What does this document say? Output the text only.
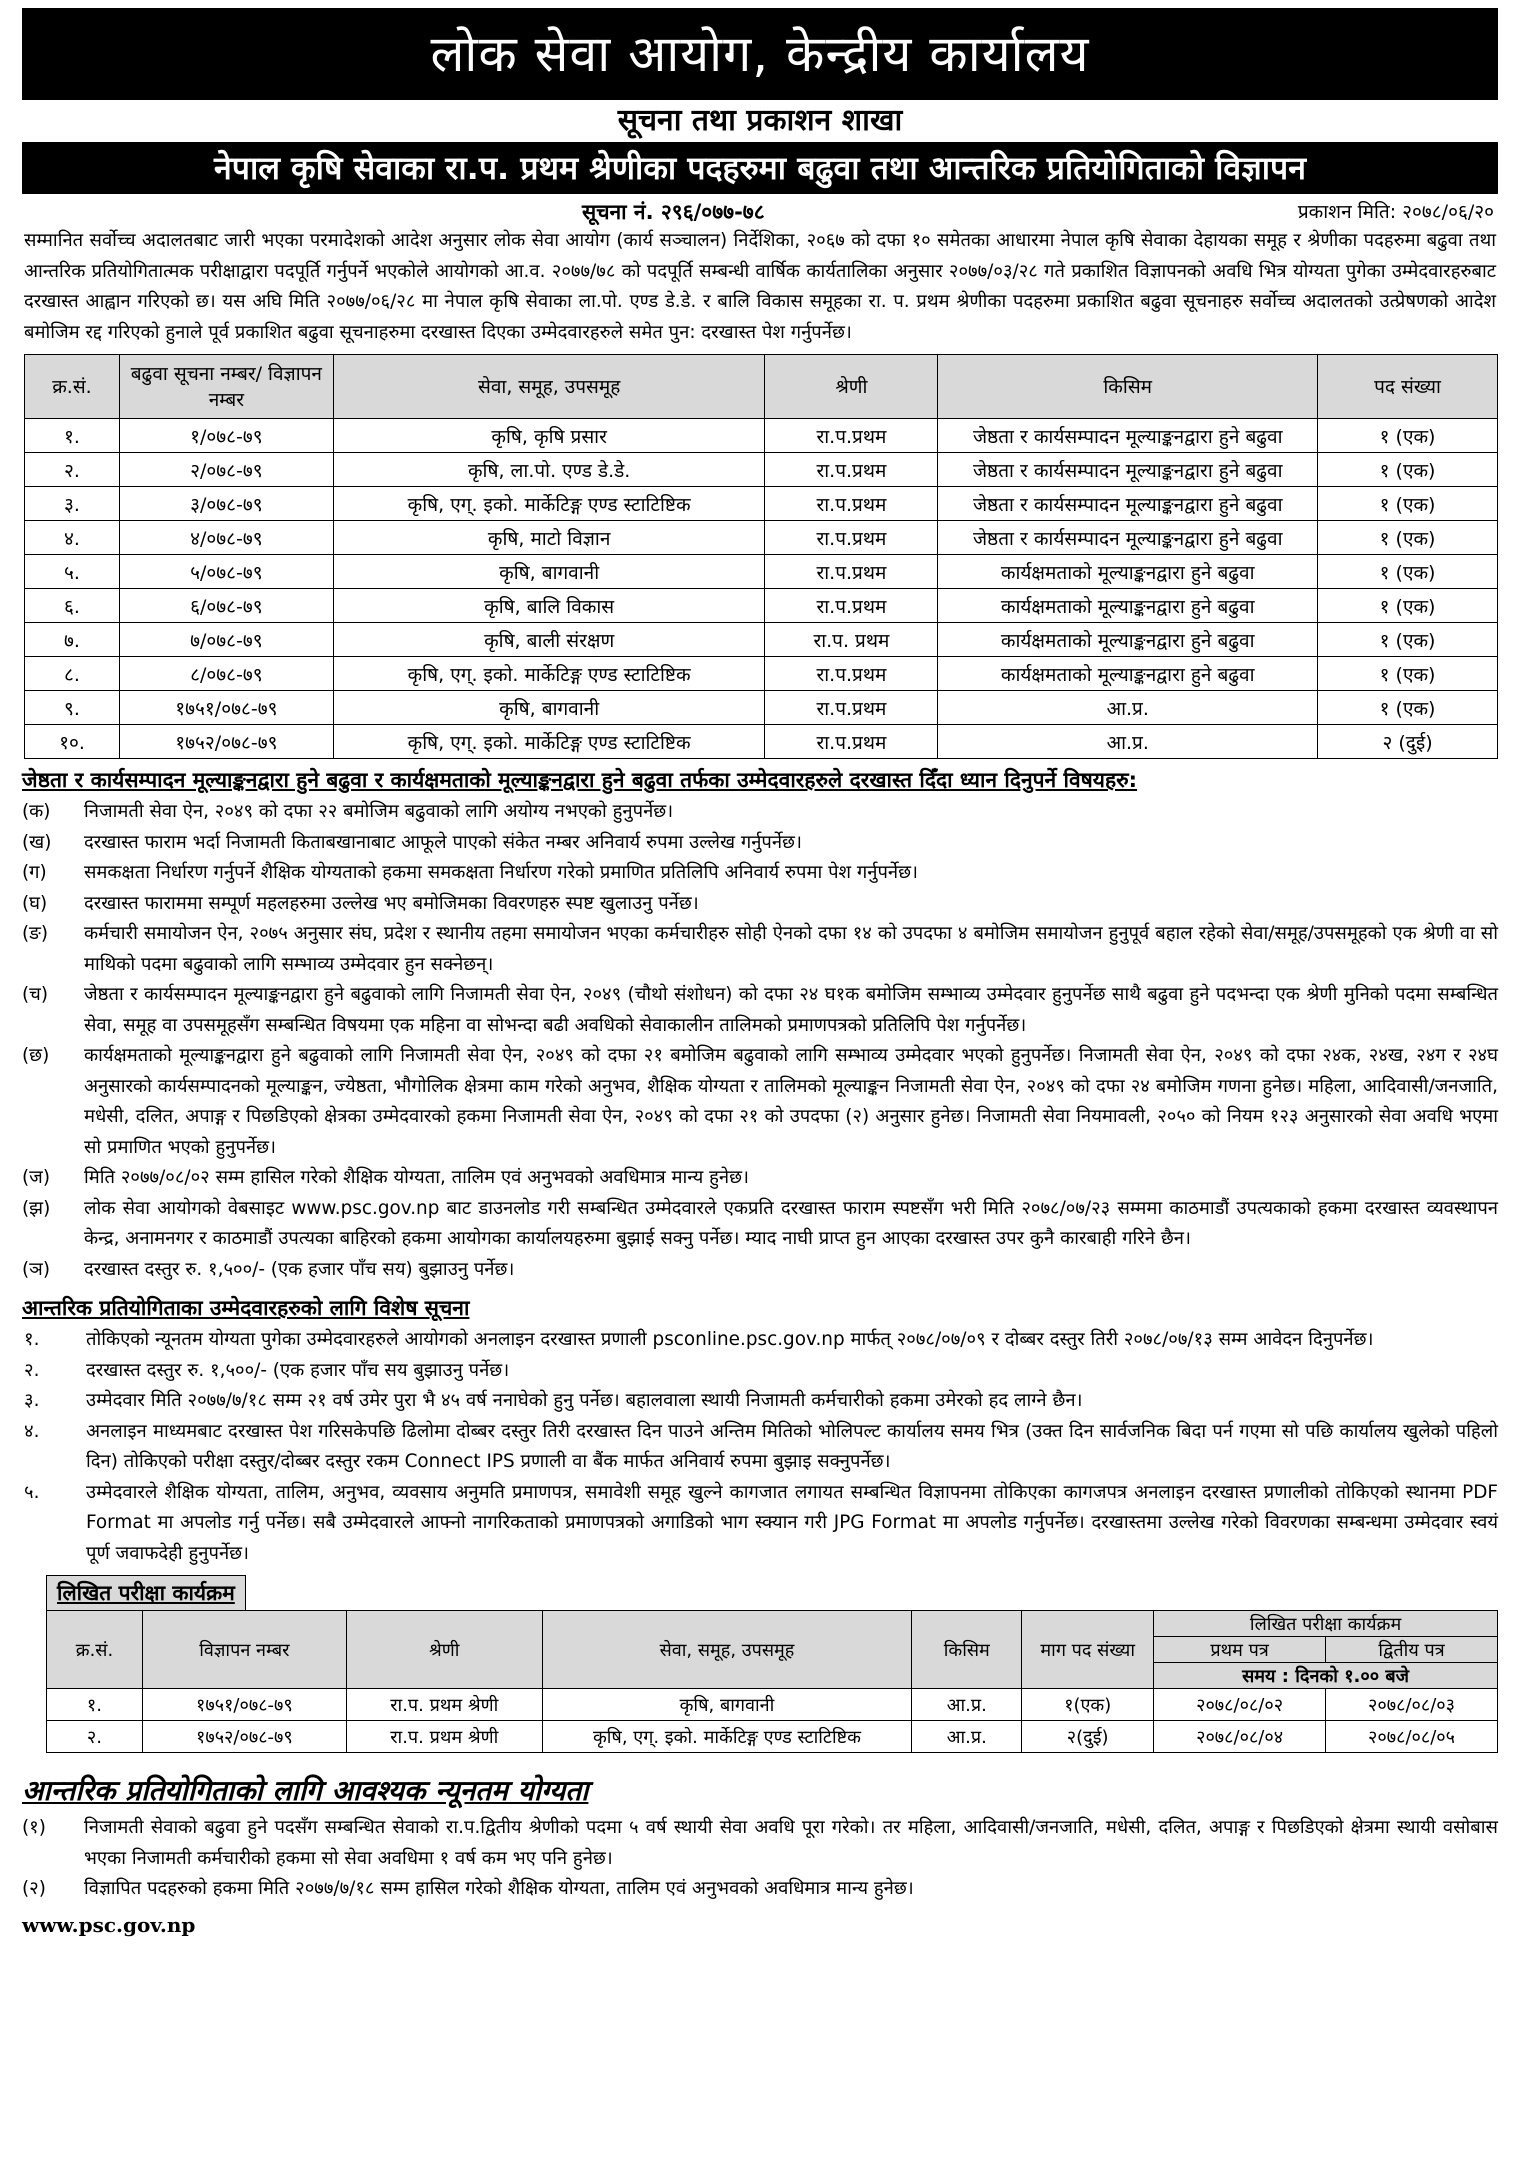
लोक सेवा आयोग, केन्द्रीय कार्यालय
सूचना तथा प्रकाशन शाखा
नेपाल कृषि सेवाका रा.प. प्रथम श्रेणीका पदहरुमा बढुवा तथा आन्तरिक प्रतियोगिताको विज्ञापन
सूचना नं. २९६/०७७-७८	प्रकाशन मिति: २०७८/०६/२०

सम्मानित सर्वोच्च अदालतबाट जारी भएका परमादेशको आदेश अनुसार लोक सेवा आयोग (कार्य सञ्चालन) निर्देशिका, २०६७ को दफा १० समेतका आधारमा नेपाल कृषि सेवाका देहायका समूह र श्रेणीका पदहरुमा बढुवा तथा आन्तरिक प्रतियोगितात्मक परीक्षाद्वारा पदपूर्ति गर्नुपर्ने भएकोले आयोगको आ.व. २०७७/७८ को पदपूर्ति सम्बन्धी वार्षिक कार्यतालिका अनुसार २०७७/०३/२८ गते प्रकाशित विज्ञापनको अवधि भित्र योग्यता पुगेका उम्मेदवारहरुबाट दरखास्त आह्वान गरिएको छ। यस अघि मिति २०७७/०६/२८ मा नेपाल कृषि सेवाका ला.पो. एण्ड डे.डे. र बालि विकास समूहका रा. प. प्रथम श्रेणीका पदहरुमा प्रकाशित बढुवा सूचनाहरु सर्वोच्च अदालतको उत्प्रेषणको आदेश बमोजिम रद्द गरिएको हुनाले पूर्व प्रकाशित बढुवा सूचनाहरुमा दरखास्त दिएका उम्मेदवारहरुले समेत पुन: दरखास्त पेश गर्नुपर्नेछ।

क्र.सं.	बढुवा सूचना नम्बर/ विज्ञापन नम्बर	सेवा, समूह, उपसमूह	श्रेणी	किसिम	पद संख्या
१.	१/०७८-७९	कृषि, कृषि प्रसार	रा.प.प्रथम	जेष्ठता र कार्यसम्पादन मूल्याङ्कनद्वारा हुने बढुवा	१ (एक)
२.	२/०७८-७९	कृषि, ला.पो. एण्ड डे.डे.	रा.प.प्रथम	जेष्ठता र कार्यसम्पादन मूल्याङ्कनद्वारा हुने बढुवा	१ (एक)
३.	३/०७८-७९	कृषि, एग्. इको. मार्केटिङ्ग एण्ड स्टाटिष्टिक	रा.प.प्रथम	जेष्ठता र कार्यसम्पादन मूल्याङ्कनद्वारा हुने बढुवा	१ (एक)
४.	४/०७८-७९	कृषि, माटो विज्ञान	रा.प.प्रथम	जेष्ठता र कार्यसम्पादन मूल्याङ्कनद्वारा हुने बढुवा	१ (एक)
५.	५/०७८-७९	कृषि, बागवानी	रा.प.प्रथम	कार्यक्षमताको मूल्याङ्कनद्वारा हुने बढुवा	१ (एक)
६.	६/०७८-७९	कृषि, बालि विकास	रा.प.प्रथम	कार्यक्षमताको मूल्याङ्कनद्वारा हुने बढुवा	१ (एक)
७.	७/०७८-७९	कृषि, बाली संरक्षण	रा.प. प्रथम	कार्यक्षमताको मूल्याङ्कनद्वारा हुने बढुवा	१ (एक)
८.	८/०७८-७९	कृषि, एग्. इको. मार्केटिङ्ग एण्ड स्टाटिष्टिक	रा.प.प्रथम	कार्यक्षमताको मूल्याङ्कनद्वारा हुने बढुवा	१ (एक)
९.	१७५१/०७८-७९	कृषि, बागवानी	रा.प.प्रथम	आ.प्र.	१ (एक)
१०.	१७५२/०७८-७९	कृषि, एग्. इको. मार्केटिङ्ग एण्ड स्टाटिष्टिक	रा.प.प्रथम	आ.प्र.	२ (दुई)
जेष्ठता र कार्यसम्पादन मूल्याङ्कनद्वारा हुने बढुवा र कार्यक्षमताको मूल्याङ्कनद्वारा हुने बढुवा तर्फका उम्मेदवारहरुले दरखास्त दिँदा ध्यान दिनुपर्ने विषयहरु:
(क)	निजामती सेवा ऐन, २०४९ को दफा २२ बमोजिम बढुवाको लागि अयोग्य नभएको हुनुपर्नेछ।
(ख)	दरखास्त फाराम भर्दा निजामती किताबखानाबाट आफूले पाएको संकेत नम्बर अनिवार्य रुपमा उल्लेख गर्नुपर्नेछ।
(ग)	समकक्षता निर्धारण गर्नुपर्ने शैक्षिक योग्यताको हकमा समकक्षता निर्धारण गरेको प्रमाणित प्रतिलिपि अनिवार्य रुपमा पेश गर्नुपर्नेछ।
(घ)	दरखास्त फाराममा सम्पूर्ण महलहरुमा उल्लेख भए बमोजिमका विवरणहरु स्पष्ट खुलाउनु पर्नेछ।
(ङ)	कर्मचारी समायोजन ऐन, २०७५ अनुसार संघ, प्रदेश र स्थानीय तहमा समायोजन भएका कर्मचारीहरु सोही ऐनको दफा १४ को उपदफा ४ बमोजिम समायोजन हुनुपूर्व बहाल रहेको सेवा/समूह/उपसमूहको एक श्रेणी वा सो माथिको पदमा बढुवाको लागि सम्भाव्य उम्मेदवार हुन सक्नेछन्।
(च)	जेष्ठता र कार्यसम्पादन मूल्याङ्कनद्वारा हुने बढुवाको लागि निजामती सेवा ऐन, २०४९ (चौथो संशोधन) को दफा २४ घ१क बमोजिम सम्भाव्य उम्मेदवार हुनुपर्नेछ साथै बढुवा हुने पदभन्दा एक श्रेणी मुनिको पदमा सम्बन्धित सेवा, समूह वा उपसमूहसँग सम्बन्धित विषयमा एक महिना वा सोभन्दा बढी अवधिको सेवाकालीन तालिमको प्रमाणपत्रको प्रतिलिपि पेश गर्नुपर्नेछ।
(छ)	कार्यक्षमताको मूल्याङ्कनद्वारा हुने बढुवाको लागि निजामती सेवा ऐन, २०४९ को दफा २१ बमोजिम बढुवाको लागि सम्भाव्य उम्मेदवार भएको हुनुपर्नेछ। निजामती सेवा ऐन, २०४९ को दफा २४क, २४ख, २४ग र २४घ अनुसारको कार्यसम्पादनको मूल्याङ्कन, ज्येष्ठता, भौगोलिक क्षेत्रमा काम गरेको अनुभव, शैक्षिक योग्यता र तालिमको मूल्याङ्कन निजामती सेवा ऐन, २०४९ को दफा २४ बमोजिम गणना हुनेछ। महिला, आदिवासी/जनजाति, मधेसी, दलित, अपाङ्ग र पिछडिएको क्षेत्रका उम्मेदवारको हकमा निजामती सेवा ऐन, २०४९ को दफा २१ को उपदफा (२) अनुसार हुनेछ। निजामती सेवा नियमावली, २०५० को नियम १२३ अनुसारको सेवा अवधि भएमा सो प्रमाणित भएको हुनुपर्नेछ।
(ज)	मिति २०७७/०८/०२ सम्म हासिल गरेको शैक्षिक योग्यता, तालिम एवं अनुभवको अवधिमात्र मान्य हुनेछ।
(झ)	लोक सेवा आयोगको वेबसाइट www.psc.gov.np बाट डाउनलोड गरी सम्बन्धित उम्मेदवारले एकप्रति दरखास्त फाराम स्पष्टसँग भरी मिति २०७८/०७/२३ सम्ममा काठमाडौं उपत्यकाको हकमा दरखास्त व्यवस्थापन केन्द्र, अनामनगर र काठमाडौं उपत्यका बाहिरको हकमा आयोगका कार्यालयहरुमा बुझाई सक्नु पर्नेछ। म्याद नाघी प्राप्त हुन आएका दरखास्त उपर कुनै कारबाही गरिने छैन।
(ञ)	दरखास्त दस्तुर रु. १,५००/- (एक हजार पाँच सय) बुझाउनु पर्नेछ।
आन्तरिक प्रतियोगिताका उम्मेदवारहरुको लागि विशेष सूचना
१.	तोकिएको न्यूनतम योग्यता पुगेका उम्मेदवारहरुले आयोगको अनलाइन दरखास्त प्रणाली psconline.psc.gov.np मार्फत् २०७८/०७/०९ र दोब्बर दस्तुर तिरी २०७८/०७/१३ सम्म आवेदन दिनुपर्नेछ।
२.	दरखास्त दस्तुर रु. १,५००/- (एक हजार पाँच सय बुझाउनु पर्नेछ।
३.	उम्मेदवार मिति २०७७/७/१८ सम्म २१ वर्ष उमेर पुरा भै ४५ वर्ष ननाघेको हुनु पर्नेछ। बहालवाला स्थायी निजामती कर्मचारीको हकमा उमेरको हद लाग्ने छैन।
४.	अनलाइन माध्यमबाट दरखास्त पेश गरिसकेपछि ढिलोमा दोब्बर दस्तुर तिरी दरखास्त दिन पाउने अन्तिम मितिको भोलिपल्ट कार्यालय समय भित्र (उक्त दिन सार्वजनिक बिदा पर्न गएमा सो पछि कार्यालय खुलेको पहिलो दिन) तोकिएको परीक्षा दस्तुर/दोब्बर दस्तुर रकम Connect IPS प्रणाली वा बैंक मार्फत अनिवार्य रुपमा बुझाइ सक्नुपर्नेछ।
५.	उम्मेदवारले शैक्षिक योग्यता, तालिम, अनुभव, व्यवसाय अनुमति प्रमाणपत्र, समावेशी समूह खुल्ने कागजात लगायत सम्बन्धित विज्ञापनमा तोकिएका कागजपत्र अनलाइन दरखास्त प्रणालीको तोकिएको स्थानमा PDF Format मा अपलोड गर्नु पर्नेछ। सबै उम्मेदवारले आफ्नो नागरिकताको प्रमाणपत्रको अगाडिको भाग स्क्यान गरी JPG Format मा अपलोड गर्नुपर्नेछ। दरखास्तमा उल्लेख गरेको विवरणका सम्बन्धमा उम्मेदवार स्वयं पूर्ण जवाफदेही हुनुपर्नेछ।
लिखित परीक्षा कार्यक्रम
क्र.सं.	विज्ञापन नम्बर	श्रेणी	सेवा, समूह, उपसमूह	किसिम	माग पद संख्या	लिखित परीक्षा कार्यक्रम	
						प्रथम पत्र	द्वितीय पत्र
						समय : दिनको १.०० बजे	
१.	१७५१/०७८-७९	रा.प. प्रथम श्रेणी	कृषि, बागवानी	आ.प्र.	१(एक)	२०७८/०८/०२	२०७८/०८/०३
२.	१७५२/०७८-७९	रा.प. प्रथम श्रेणी	कृषि, एग्. इको. मार्केटिङ्ग एण्ड स्टाटिष्टिक	आ.प्र.	२(दुई)	२०७८/०८/०४	२०७८/०८/०५
आन्तरिक प्रतियोगिताको लागि आवश्यक न्यूनतम योग्यता
(१)	निजामती सेवाको बढुवा हुने पदसँग सम्बन्धित सेवाको रा.प.द्वितीय श्रेणीको पदमा ५ वर्ष स्थायी सेवा अवधि पूरा गरेको। तर महिला, आदिवासी/जनजाति, मधेसी, दलित, अपाङ्ग र पिछडिएको क्षेत्रमा स्थायी वसोबास भएका निजामती कर्मचारीको हकमा सो सेवा अवधिमा १ वर्ष कम भए पनि हुनेछ।
(२)	विज्ञापित पदहरुको हकमा मिति २०७७/७/१८ सम्म हासिल गरेको शैक्षिक योग्यता, तालिम एवं अनुभवको अवधिमात्र मान्य हुनेछ।
www.psc.gov.np
